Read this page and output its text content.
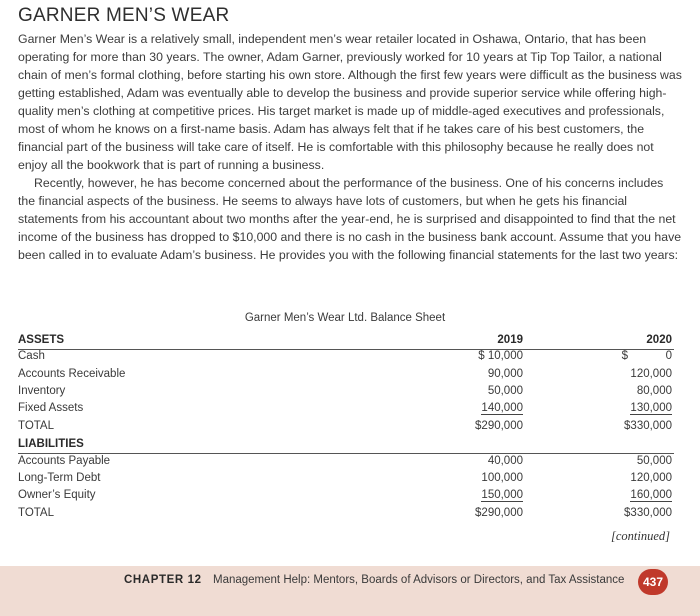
GARNER MEN’S WEAR

Garner Men’s Wear is a relatively small, independent men’s wear retailer located in Oshawa, Ontario, that has been operating for more than 30 years. The owner, Adam Garner, previously worked for 10 years at Tip Top Tailor, a national chain of men’s formal clothing, before starting his own store. Although the first few years were difficult as the business was getting established, Adam was eventually able to develop the business and provide superior service while offering high-quality men’s clothing at competitive prices. His target market is made up of middle-aged executives and professionals, most of whom he knows on a first-name basis. Adam has always felt that if he takes care of his best customers, the financial part of the business will take care of itself. He is comfortable with this philosophy because he really does not enjoy all the bookwork that is part of running a business.

Recently, however, he has become concerned about the performance of the business. One of his concerns includes the financial aspects of the business. He seems to always have lots of customers, but when he gets his financial statements from his accountant about two months after the year-end, he is surprised and disappointed to find that the net income of the business has dropped to $10,000 and there is no cash in the business bank account. Assume that you have been called in to evaluate Adam’s business. He provides you with the following financial statements for the last two years:

Garner Men’s Wear Ltd. Balance Sheet
ASSETS	2019	2020
Cash	$ 10,000	$	0
Accounts Receivable	90,000	120,000
Inventory	50,000	80,000
Fixed Assets	140,000	130,000
TOTAL	$290,000	$330,000
LIABILITIES
Accounts Payable	40,000	50,000
Long-Term Debt	100,000	120,000
Owner’s Equity	150,000	160,000
TOTAL	$290,000	$330,000
[continued]
CHAPTER 12 Management Help: Mentors, Boards of Advisors or Directors, and Tax Assistance	437
